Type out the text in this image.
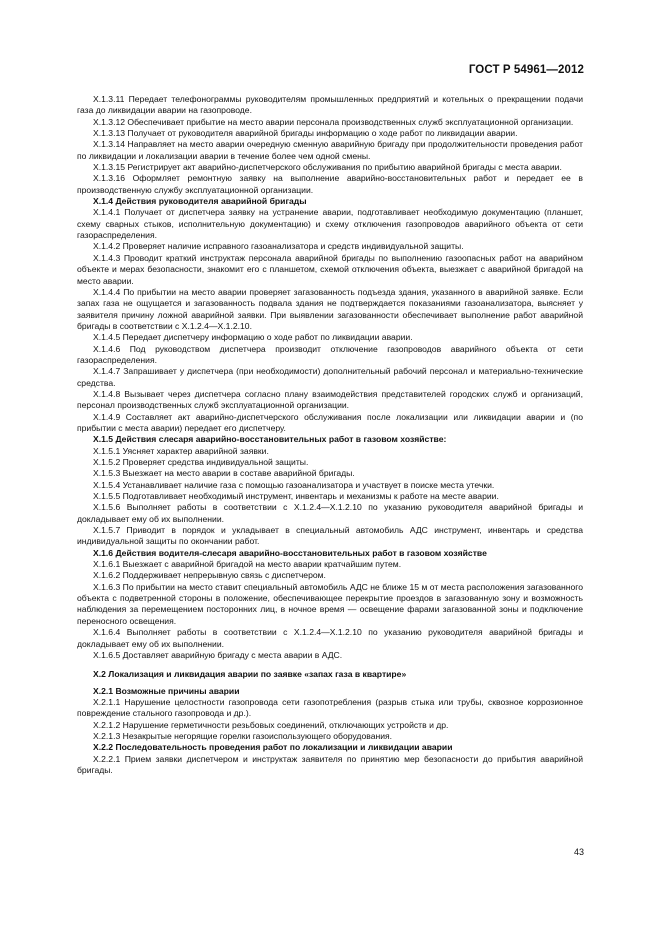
ГОСТ Р 54961—2012

Х.1.3.11 Передает телефонограммы руководителям промышленных предприятий и котельных о прекращении подачи газа до ликвидации аварии на газопроводе.

Х.1.3.12 Обеспечивает прибытие на место аварии персонала производственных служб эксплуатационной организации.

Х.1.3.13 Получает от руководителя аварийной бригады информацию о ходе работ по ликвидации аварии.

Х.1.3.14 Направляет на место аварии очередную сменную аварийную бригаду при продолжительности проведения работ по ликвидации и локализации аварии в течение более чем одной смены.

Х.1.3.15 Регистрирует акт аварийно-диспетчерского обслуживания по прибытию аварийной бригады с места аварии.

Х.1.3.16 Оформляет ремонтную заявку на выполнение аварийно-восстановительных работ и передает ее в производственную службу эксплуатационной организации.

Х.1.4 Действия руководителя аварийной бригады

Х.1.4.1 Получает от диспетчера заявку на устранение аварии, подготавливает необходимую документацию (планшет, схему сварных стыков, исполнительную документацию) и схему отключения газопроводов аварийного объекта от сети газораспределения.

Х.1.4.2 Проверяет наличие исправного газоанализатора и средств индивидуальной защиты.

Х.1.4.3 Проводит краткий инструктаж персонала аварийной бригады по выполнению газоопасных работ на аварийном объекте и мерах безопасности, знакомит его с планшетом, схемой отключения объекта, выезжает с аварийной бригадой на место аварии.

Х.1.4.4 По прибытии на место аварии проверяет загазованность подъезда здания, указанного в аварийной заявке. Если запах газа не ощущается и загазованность подвала здания не подтверждается показаниями газоанализатора, выясняет у заявителя причину ложной аварийной заявки. При выявлении загазованности обеспечивает выполнение работ аварийной бригады в соответствии с Х.1.2.4—Х.1.2.10.

Х.1.4.5 Передает диспетчеру информацию о ходе работ по ликвидации аварии.

Х.1.4.6 Под руководством диспетчера производит отключение газопроводов аварийного объекта от сети газораспределения.

Х.1.4.7 Запрашивает у диспетчера (при необходимости) дополнительный рабочий персонал и материально-технические средства.

Х.1.4.8 Вызывает через диспетчера согласно плану взаимодействия представителей городских служб и организаций, персонал производственных служб эксплуатационной организации.

Х.1.4.9 Составляет акт аварийно-диспетчерского обслуживания после локализации или ликвидации аварии и (по прибытии с места аварии) передает его диспетчеру.

Х.1.5 Действия слесаря аварийно-восстановительных работ в газовом хозяйстве:

Х.1.5.1 Уясняет характер аварийной заявки.

Х.1.5.2 Проверяет средства индивидуальной защиты.

Х.1.5.3 Выезжает на место аварии в составе аварийной бригады.

Х.1.5.4 Устанавливает наличие газа с помощью газоанализатора и участвует в поиске места утечки.

Х.1.5.5 Подготавливает необходимый инструмент, инвентарь и механизмы к работе на месте аварии.

Х.1.5.6 Выполняет работы в соответствии с Х.1.2.4—Х.1.2.10 по указанию руководителя аварийной бригады и докладывает ему об их выполнении.

Х.1.5.7 Приводит в порядок и укладывает в специальный автомобиль АДС инструмент, инвентарь и средства индивидуальной защиты по окончании работ.

Х.1.6 Действия водителя-слесаря аварийно-восстановительных работ в газовом хозяйстве

Х.1.6.1 Выезжает с аварийной бригадой на место аварии кратчайшим путем.

Х.1.6.2 Поддерживает непрерывную связь с диспетчером.

Х.1.6.3 По прибытии на место ставит специальный автомобиль АДС не ближе 15 м от места расположения загазованного объекта с подветренной стороны в положение, обеспечивающее перекрытие проездов в загазованную зону и возможность наблюдения за перемещением посторонних лиц, в ночное время — освещение фарами загазованной зоны и подключение переносного освещения.

Х.1.6.4 Выполняет работы в соответствии с Х.1.2.4—Х.1.2.10 по указанию руководителя аварийной бригады и докладывает ему об их выполнении.

Х.1.6.5 Доставляет аварийную бригаду с места аварии в АДС.

Х.2 Локализация и ликвидация аварии по заявке «запах газа в квартире»

Х.2.1 Возможные причины аварии

Х.2.1.1 Нарушение целостности газопровода сети газопотребления (разрыв стыка или трубы, сквозное коррозионное повреждение стального газопровода и др.).

Х.2.1.2 Нарушение герметичности резьбовых соединений, отключающих устройств и др.

Х.2.1.3 Незакрытые негорящие горелки газоиспользующего оборудования.

Х.2.2 Последовательность проведения работ по локализации и ликвидации аварии

Х.2.2.1 Прием заявки диспетчером и инструктаж заявителя по принятию мер безопасности до прибытия аварийной бригады.

43
